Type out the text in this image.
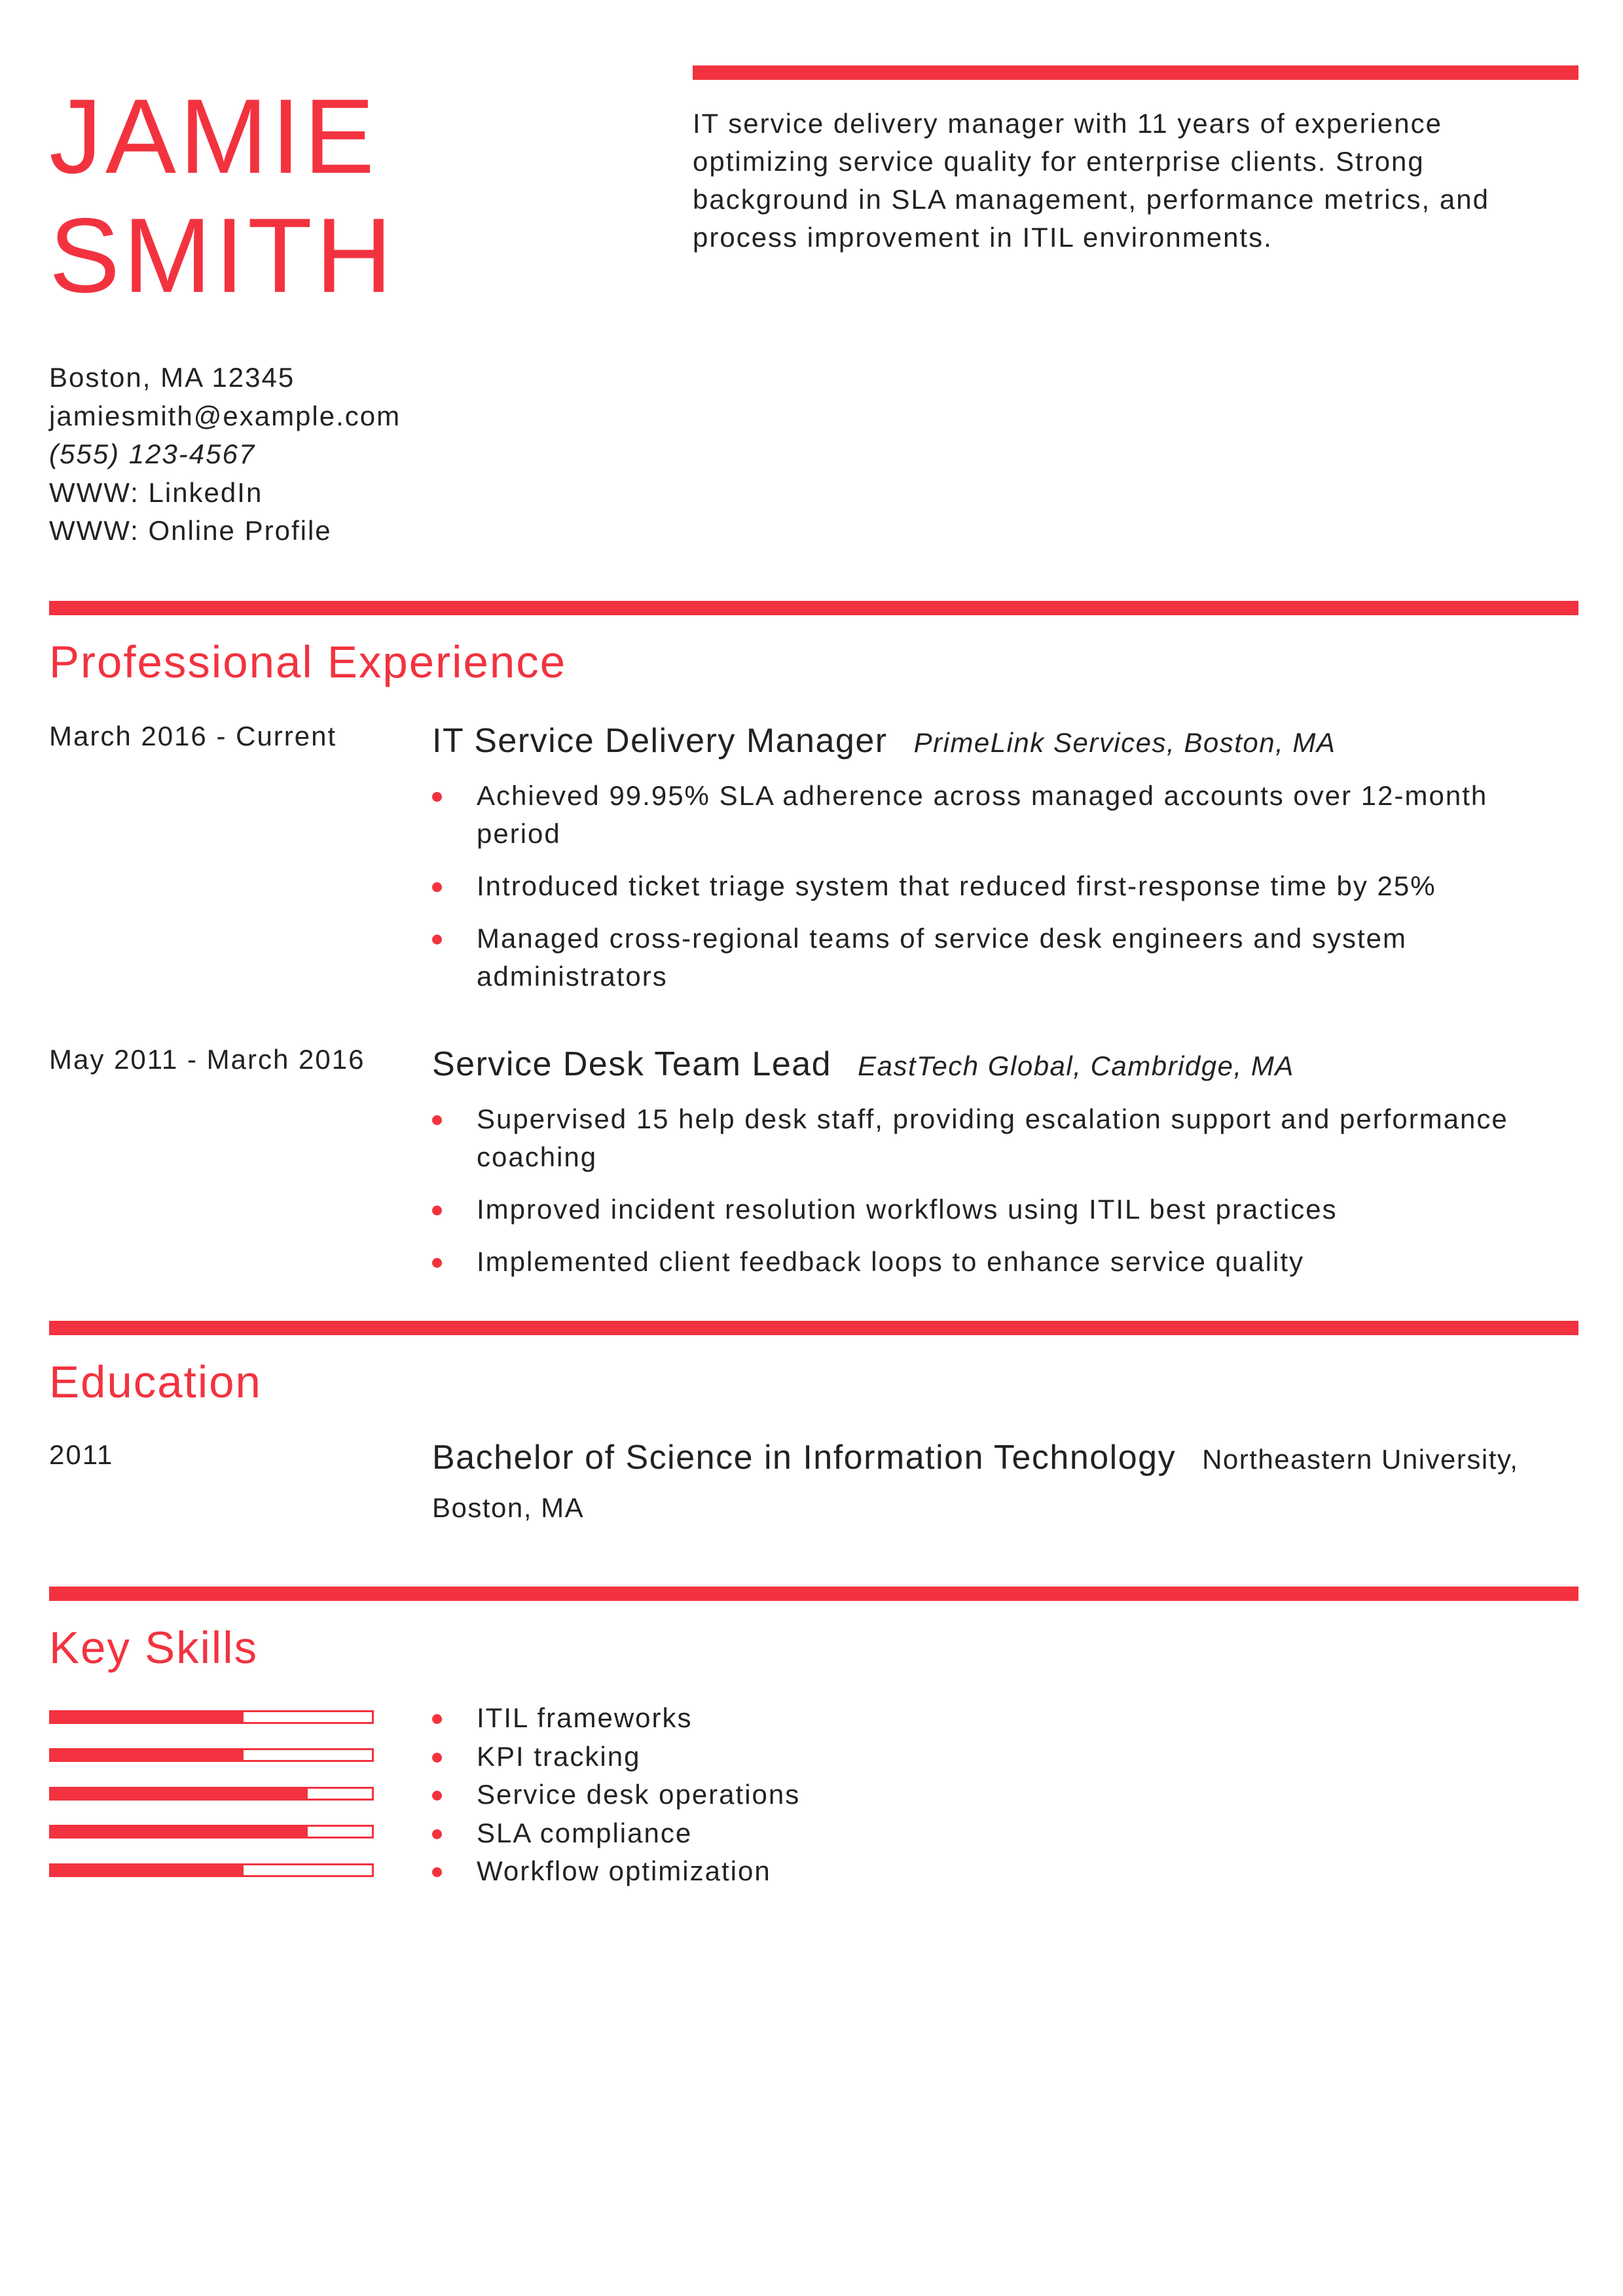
JAMIE
SMITH

IT service delivery manager with 11 years of experience optimizing service quality for enterprise clients. Strong background in SLA management, performance metrics, and process improvement in ITIL environments.

Boston, MA 12345
jamiesmith@example.com
(555) 123-4567
WWW: LinkedIn
WWW: Online Profile
Professional Experience
March 2016 - Current	IT Service Delivery Manager PrimeLink Services, Boston, MA
Achieved 99.95% SLA adherence across managed accounts over 12-month period
Introduced ticket triage system that reduced first-response time by 25%
Managed cross-regional teams of service desk engineers and system administrators
May 2011 - March 2016 Service Desk Team Lead EastTech Global, Cambridge, MA
Supervised 15 help desk staff, providing escalation support and performance coaching
Improved incident resolution workflows using ITIL best practices
Implemented client feedback loops to enhance service quality
Education
2011	Bachelor of Science in Information Technology Northeastern University, Boston, MA
Key Skills
ITIL frameworks
KPI tracking
Service desk operations
SLA compliance
Workflow optimization
